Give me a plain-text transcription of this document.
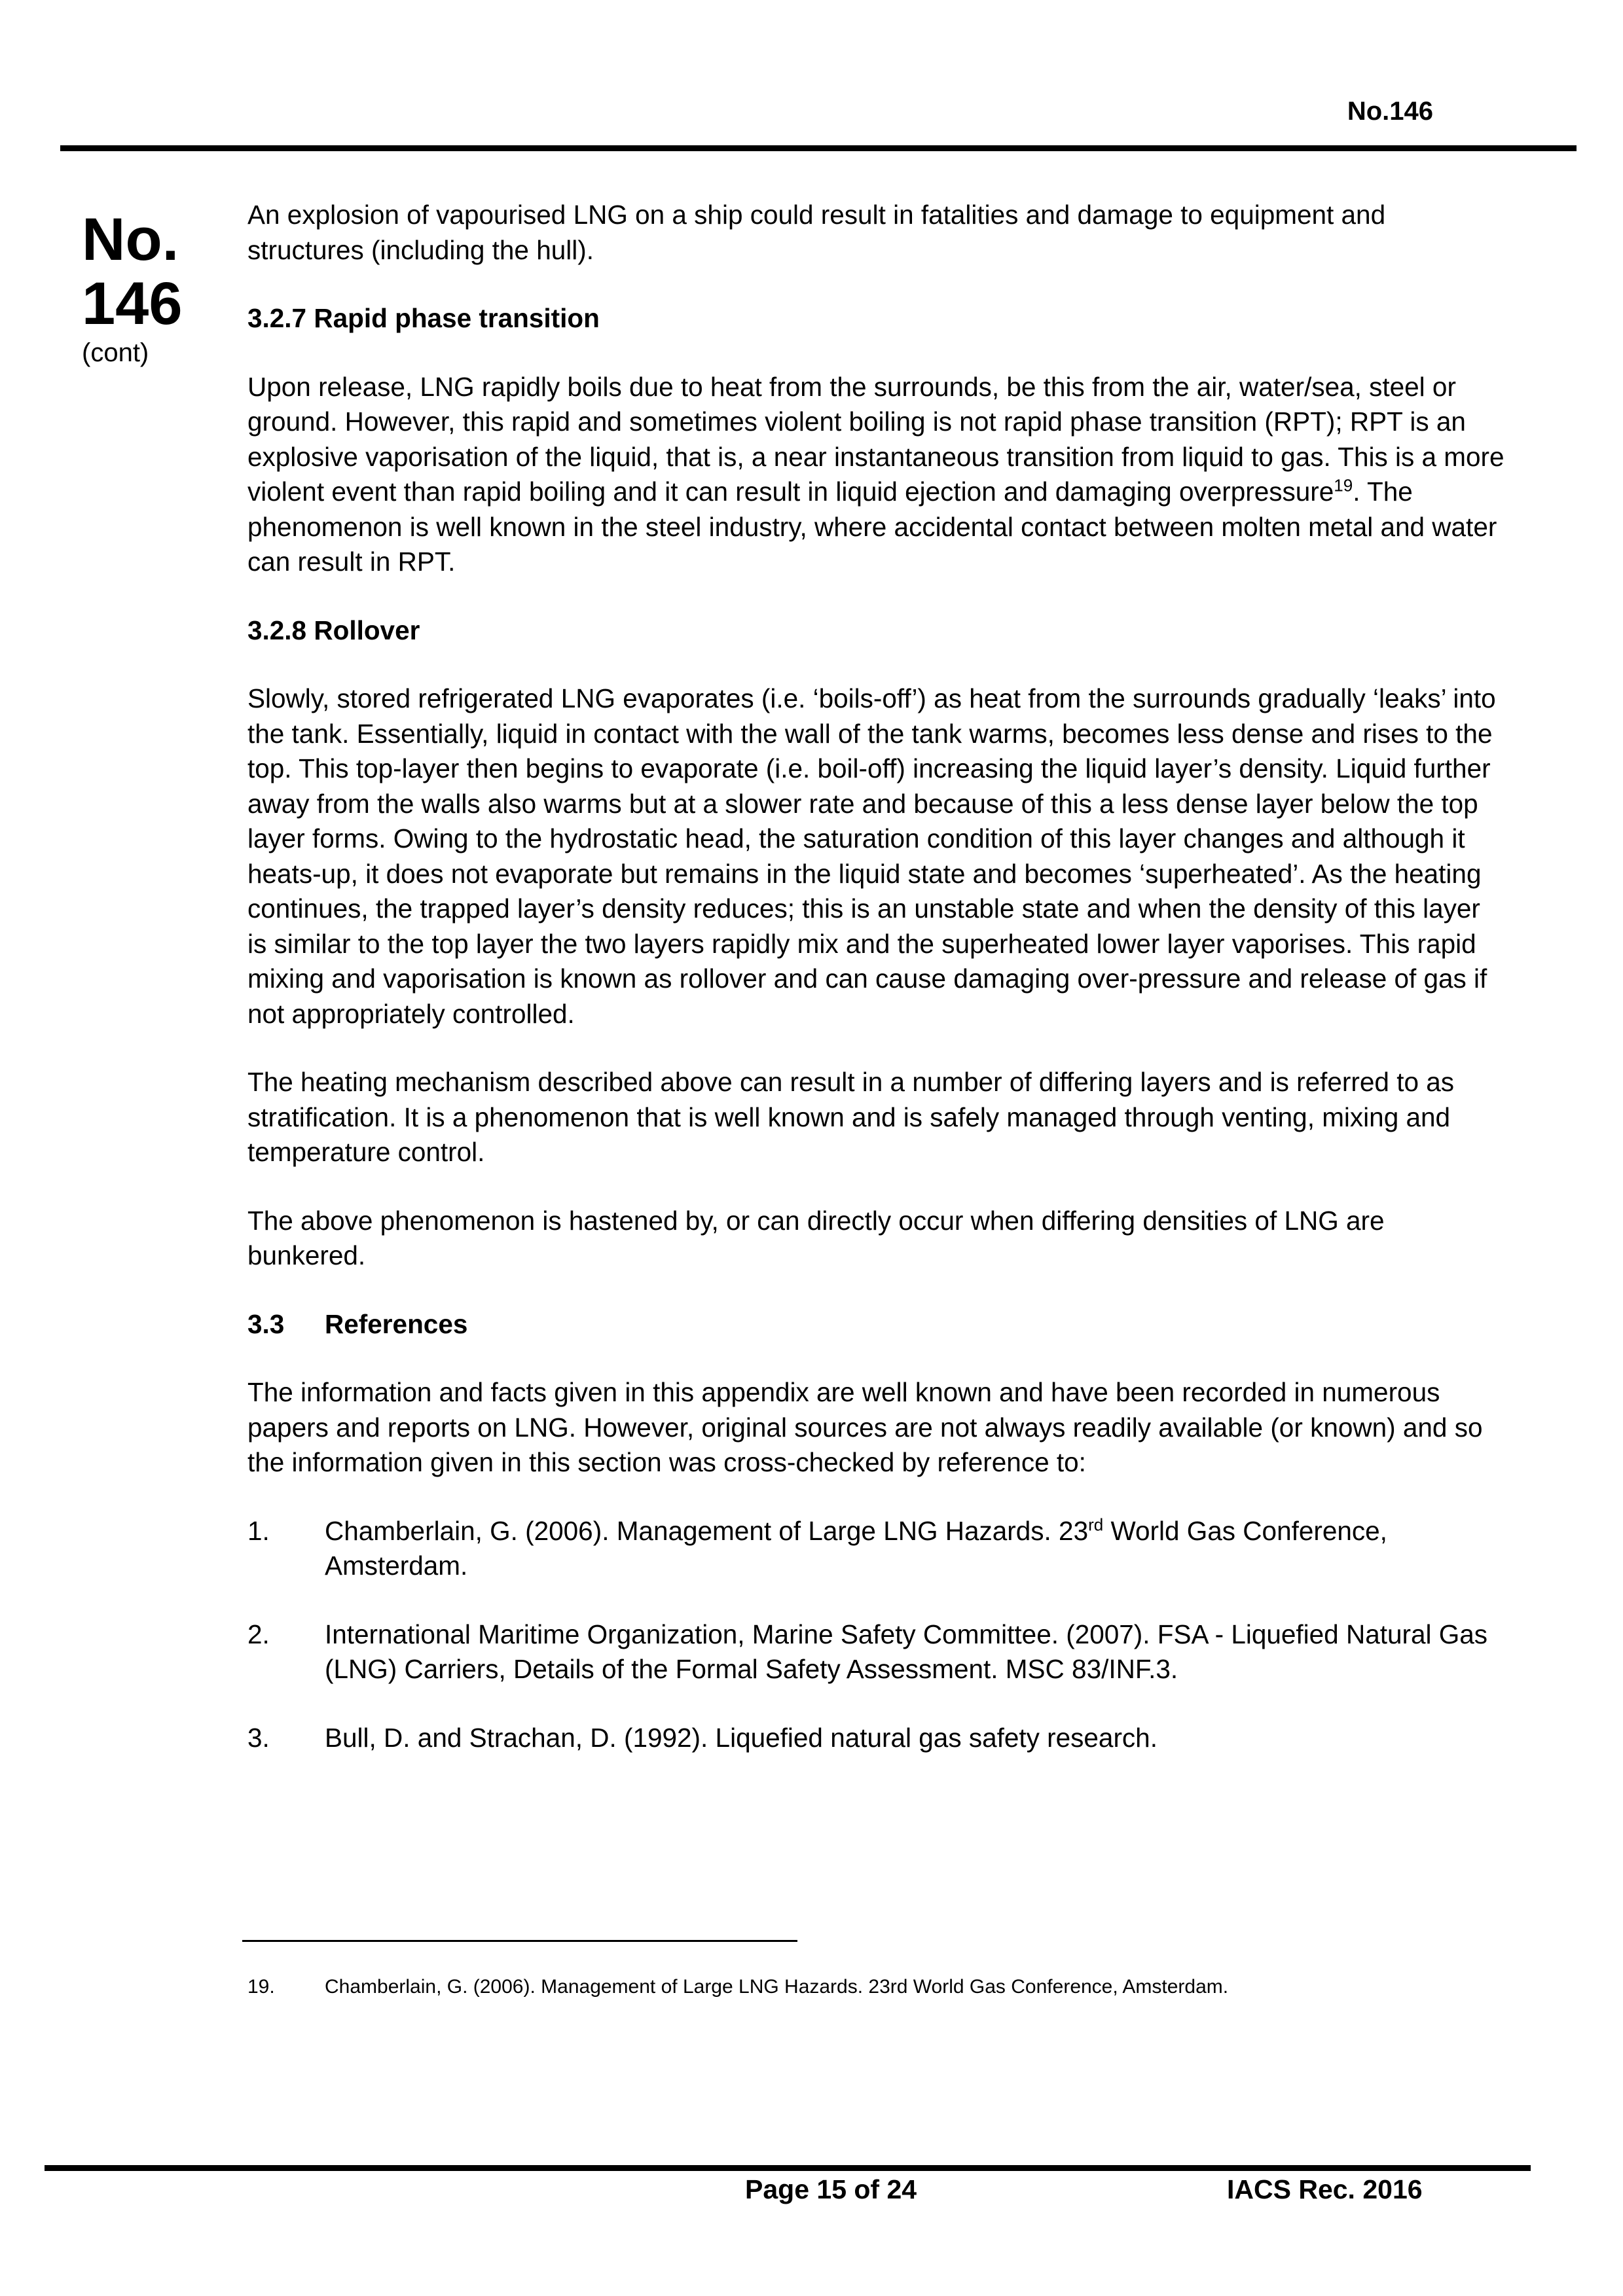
No.146
No.
146
(cont)

An explosion of vapourised LNG on a ship could result in fatalities and damage to equipment and structures (including the hull).

3.2.7 Rapid phase transition

Upon release, LNG rapidly boils due to heat from the surrounds, be this from the air, water/sea, steel or ground. However, this rapid and sometimes violent boiling is not rapid phase transition (RPT); RPT is an explosive vaporisation of the liquid, that is, a near instantaneous transition from liquid to gas. This is a more violent event than rapid boiling and it can result in liquid ejection and damaging overpressure$^{19}$. The phenomenon is well known in the steel industry, where accidental contact between molten metal and water can result in RPT.

3.2.8 Rollover

Slowly, stored refrigerated LNG evaporates (i.e. ‘boils-off’) as heat from the surrounds gradually ‘leaks’ into the tank. Essentially, liquid in contact with the wall of the tank warms, becomes less dense and rises to the top. This top-layer then begins to evaporate (i.e. boil-off) increasing the liquid layer’s density. Liquid further away from the walls also warms but at a slower rate and because of this a less dense layer below the top layer forms. Owing to the hydrostatic head, the saturation condition of this layer changes and although it heats-up, it does not evaporate but remains in the liquid state and becomes ‘superheated’. As the heating continues, the trapped layer’s density reduces; this is an unstable state and when the density of this layer is similar to the top layer the two layers rapidly mix and the superheated lower layer vaporises. This rapid mixing and vaporisation is known as rollover and can cause damaging over-pressure and release of gas if not appropriately controlled.

The heating mechanism described above can result in a number of differing layers and is referred to as stratification. It is a phenomenon that is well known and is safely managed through venting, mixing and temperature control.

The above phenomenon is hastened by, or can directly occur when differing densities of LNG are bunkered.

3.3 References

The information and facts given in this appendix are well known and have been recorded in numerous papers and reports on LNG. However, original sources are not always readily available (or known) and so the information given in this section was cross-checked by reference to:

1. Chamberlain, G. (2006). Management of Large LNG Hazards. 23rd World Gas Conference, Amsterdam.
2. International Maritime Organization, Marine Safety Committee. (2007). FSA - Liquefied Natural Gas (LNG) Carriers, Details of the Formal Safety Assessment. MSC 83/INF.3.
3. Bull, D. and Strachan, D. (1992). Liquefied natural gas safety research.
19.	Chamberlain, G. (2006). Management of Large LNG Hazards. 23rd World Gas Conference, Amsterdam.
Page 15 of 24	IACS Rec. 2016
